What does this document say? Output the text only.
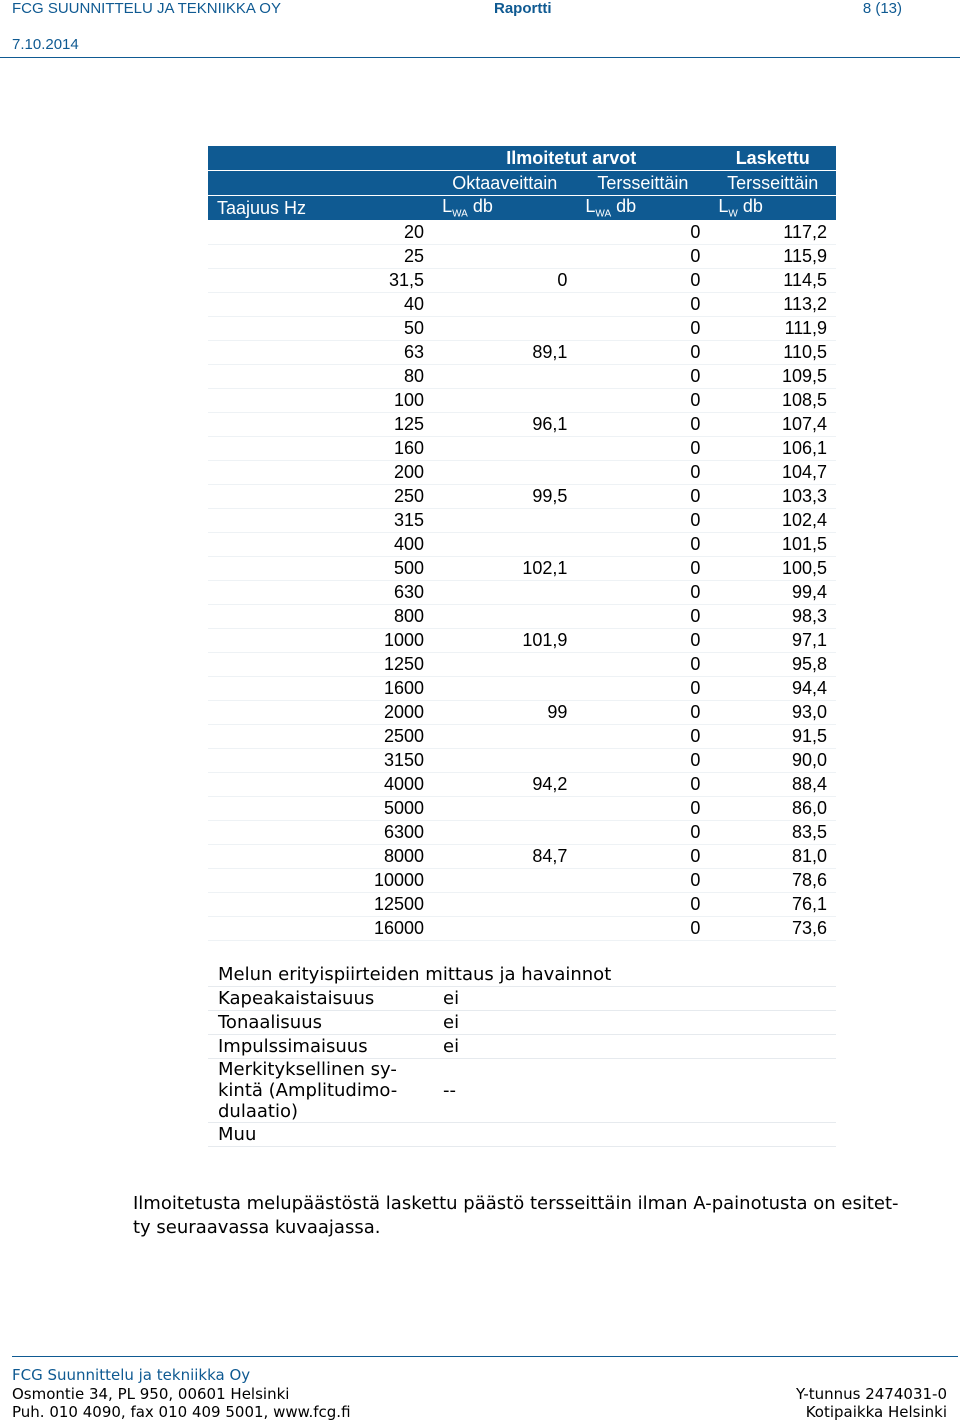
FCG SUUNNITTELU JA TEKNIIKKA OY	Raportti	8 (13)
7.10.2014
	Ilmoitetut arvot		Laskettu
	Oktaaveittain	Tersseittäin	Tersseittäin
Taajuus Hz	$L_{WA}$ db	$L_{WA}$ db	$L_W$ db
20		0	117,2
25		0	115,9
31,5	0	0	114,5
40		0	113,2
50		0	111,9
63	89,1	0	110,5
80		0	109,5
100		0	108,5
125	96,1	0	107,4
160		0	106,1
200		0	104,7
250	99,5	0	103,3
315		0	102,4
400		0	101,5
500	102,1	0	100,5
630		0	99,4
800		0	98,3
1000	101,9	0	97,1
1250		0	95,8
1600		0	94,4
2000	99	0	93,0
2500		0	91,5
3150		0	90,0
4000	94,2	0	88,4
5000		0	86,0
6300		0	83,5
8000	84,7	0	81,0
10000		0	78,6
12500		0	76,1
16000		0	73,6
Melun erityispiirteiden mittaus ja havainnot	
Kapeakaistaisuus	ei
Tonaalisuus	ei
Impulssimaisuus	ei
Merkityksellinen sy-
kintä (Amplitudimo-
dulaatio)	--
Muu	
Ilmoitetusta melupäästöstä laskettu päästö tersseittäin ilman A-painotusta on esitet-
ty seuraavassa kuvaajassa.
FCG Suunnittelu ja tekniikka Oy
Osmontie 34, PL 950, 00601 Helsinki
Puh. 010 4090, fax 010 409 5001, www.fcg.fi
Y-tunnus 2474031-0
Kotipaikka Helsinki
